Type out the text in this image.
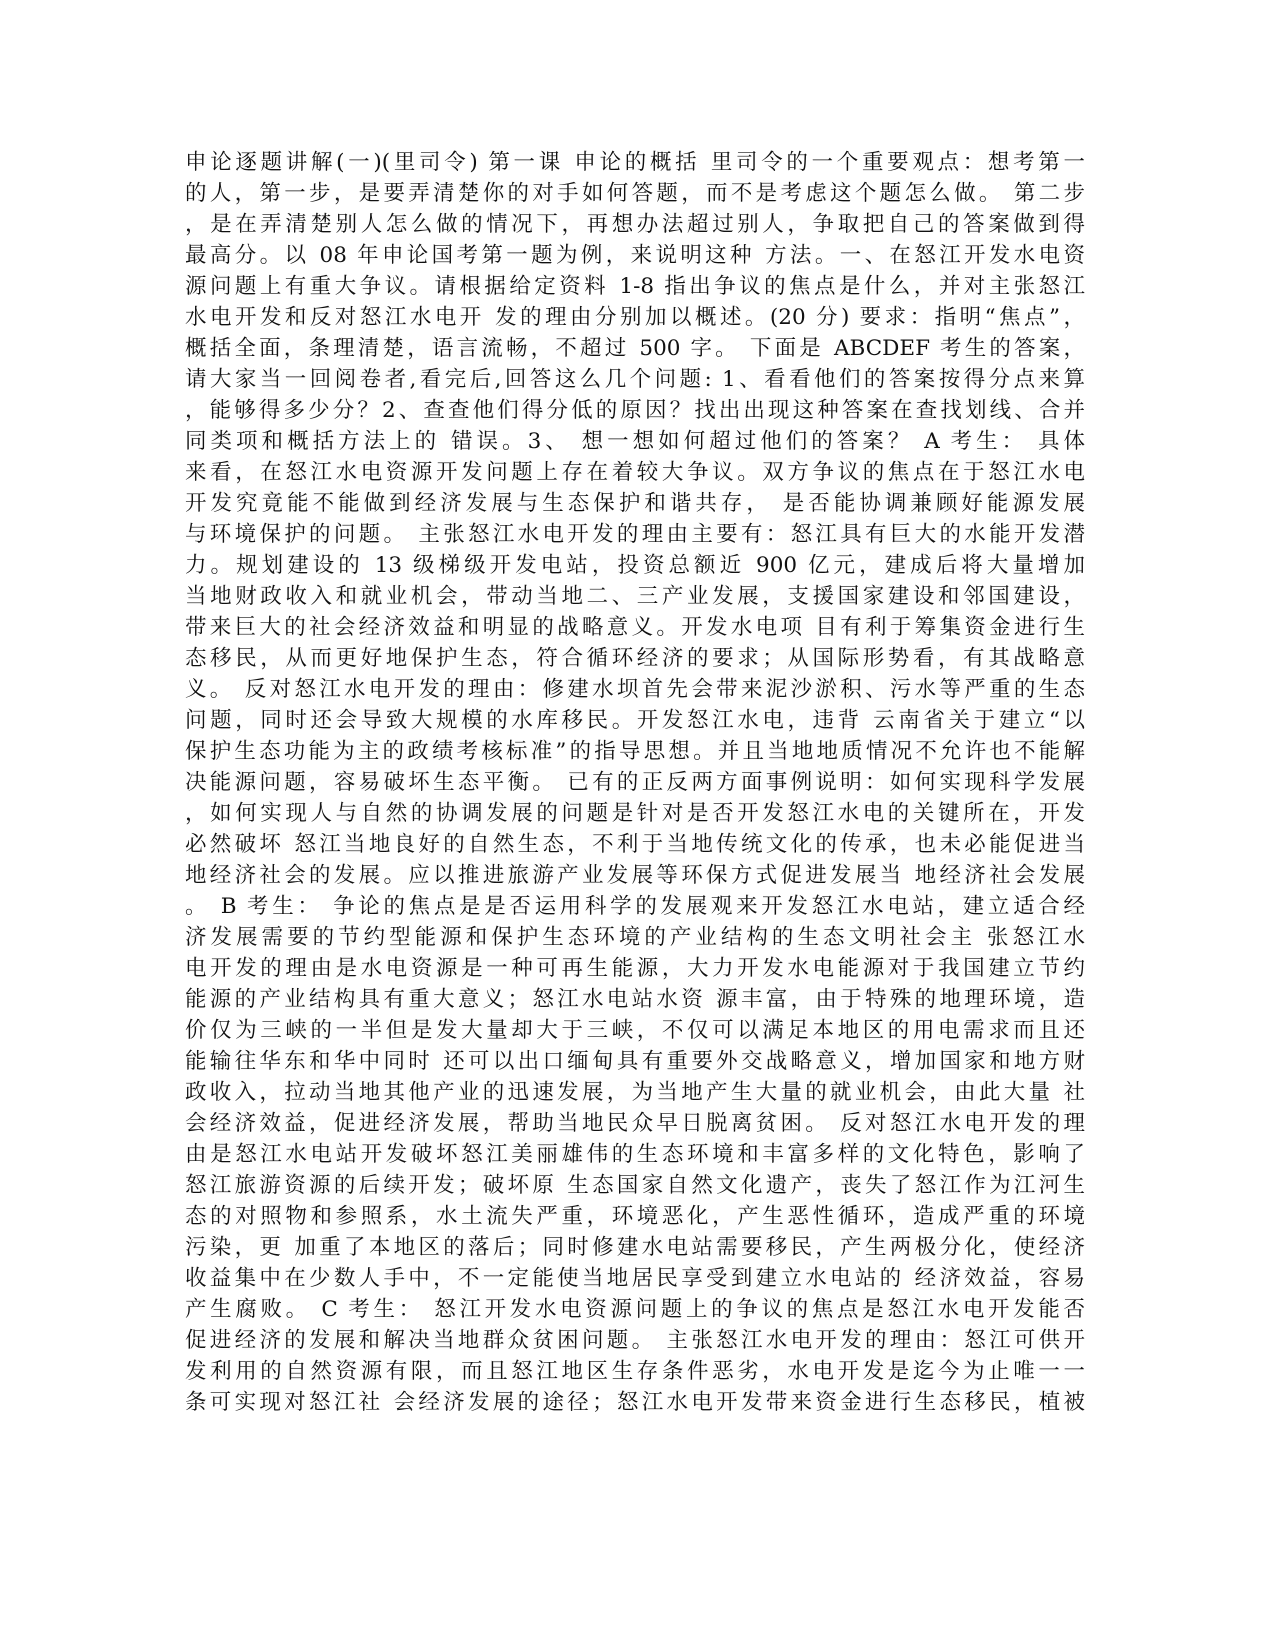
申论逐题讲解(一)(里司令) 第一课 申论的概括 里司令的一个重要观点：想考第一
的人，第一步，是要弄清楚你的对手如何答题，而不是考虑这个题怎么做。 第二步
，是在弄清楚别人怎么做的情况下，再想办法超过别人，争取把自己的答案做到得
最高分。以 08 年申论国考第一题为例，来说明这种 方法。一、在怒江开发水电资
源问题上有重大争议。请根据给定资料 1-8 指出争议的焦点是什么，并对主张怒江
水电开发和反对怒江水电开 发的理由分别加以概述。(20 分) 要求：指明“焦点”，
概括全面，条理清楚，语言流畅，不超过 500 字。 下面是 ABCDEF 考生的答案，
请大家当一回阅卷者,看完后,回答这么几个问题: 1、看看他们的答案按得分点来算
，能够得多少分？2、查查他们得分低的原因？找出出现这种答案在查找划线、合并
同类项和概括方法上的 错误。3、 想一想如何超过他们的答案？ A 考生： 具体
来看，在怒江水电资源开发问题上存在着较大争议。双方争议的焦点在于怒江水电
开发究竟能不能做到经济发展与生态保护和谐共存， 是否能协调兼顾好能源发展
与环境保护的问题。 主张怒江水电开发的理由主要有：怒江具有巨大的水能开发潜
力。规划建设的 13 级梯级开发电站，投资总额近 900 亿元，建成后将大量增加
当地财政收入和就业机会，带动当地二、三产业发展，支援国家建设和邻国建设，
带来巨大的社会经济效益和明显的战略意义。开发水电项 目有利于筹集资金进行生
态移民，从而更好地保护生态，符合循环经济的要求；从国际形势看，有其战略意
义。 反对怒江水电开发的理由：修建水坝首先会带来泥沙淤积、污水等严重的生态
问题，同时还会导致大规模的水库移民。开发怒江水电，违背 云南省关于建立“以
保护生态功能为主的政绩考核标准”的指导思想。并且当地地质情况不允许也不能解
决能源问题，容易破坏生态平衡。 已有的正反两方面事例说明：如何实现科学发展
，如何实现人与自然的协调发展的问题是针对是否开发怒江水电的关键所在，开发
必然破坏 怒江当地良好的自然生态，不利于当地传统文化的传承，也未必能促进当
地经济社会的发展。应以推进旅游产业发展等环保方式促进发展当 地经济社会发展
。 B 考生： 争论的焦点是是否运用科学的发展观来开发怒江水电站，建立适合经
济发展需要的节约型能源和保护生态环境的产业结构的生态文明社会主 张怒江水
电开发的理由是水电资源是一种可再生能源，大力开发水电能源对于我国建立节约
能源的产业结构具有重大意义；怒江水电站水资 源丰富，由于特殊的地理环境，造
价仅为三峡的一半但是发大量却大于三峡，不仅可以满足本地区的用电需求而且还
能输往华东和华中同时 还可以出口缅甸具有重要外交战略意义，增加国家和地方财
政收入，拉动当地其他产业的迅速发展，为当地产生大量的就业机会，由此大量 社
会经济效益，促进经济发展，帮助当地民众早日脱离贫困。 反对怒江水电开发的理
由是怒江水电站开发破坏怒江美丽雄伟的生态环境和丰富多样的文化特色，影响了
怒江旅游资源的后续开发；破坏原 生态国家自然文化遗产，丧失了怒江作为江河生
态的对照物和参照系，水土流失严重，环境恶化，产生恶性循环，造成严重的环境
污染，更 加重了本地区的落后；同时修建水电站需要移民，产生两极分化，使经济
收益集中在少数人手中，不一定能使当地居民享受到建立水电站的 经济效益，容易
产生腐败。 C 考生： 怒江开发水电资源问题上的争议的焦点是怒江水电开发能否
促进经济的发展和解决当地群众贫困问题。 主张怒江水电开发的理由：怒江可供开
发利用的自然资源有限，而且怒江地区生存条件恶劣，水电开发是迄今为止唯一一
条可实现对怒江社 会经济发展的途径；怒江水电开发带来资金进行生态移民，植被
